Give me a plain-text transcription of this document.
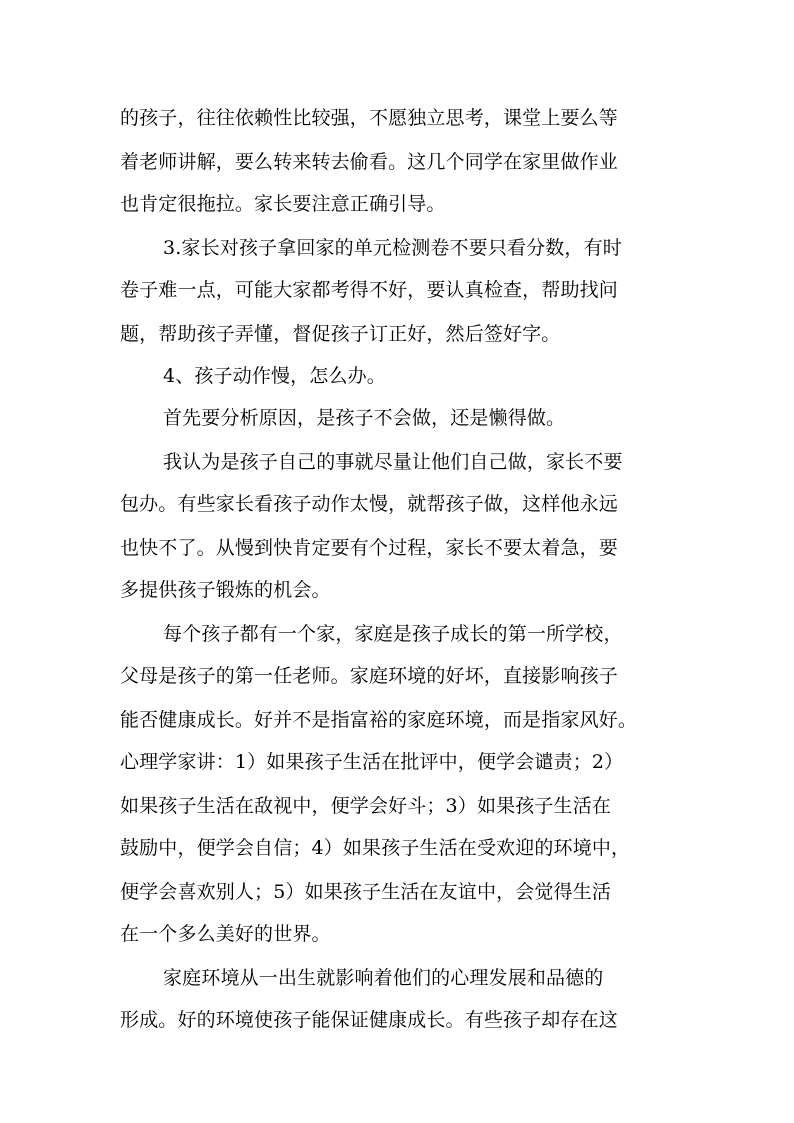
的孩子，往往依赖性比较强，不愿独立思考，课堂上要么等
着老师讲解，要么转来转去偷看。这几个同学在家里做作业
也肯定很拖拉。家长要注意正确引导。
3.家长对孩子拿回家的单元检测卷不要只看分数，有时
卷子难一点，可能大家都考得不好，要认真检查，帮助找问
题，帮助孩子弄懂，督促孩子订正好，然后签好字。
4、孩子动作慢，怎么办。
首先要分析原因，是孩子不会做，还是懒得做。
我认为是孩子自己的事就尽量让他们自己做，家长不要
包办。有些家长看孩子动作太慢，就帮孩子做，这样他永远
也快不了。从慢到快肯定要有个过程，家长不要太着急，要
多提供孩子锻炼的机会。
每个孩子都有一个家，家庭是孩子成长的第一所学校，
父母是孩子的第一任老师。家庭环境的好坏，直接影响孩子
能否健康成长。好并不是指富裕的家庭环境，而是指家风好。
心理学家讲：1）如果孩子生活在批评中，便学会谴责；2）
如果孩子生活在敌视中，便学会好斗；3）如果孩子生活在
鼓励中，便学会自信；4）如果孩子生活在受欢迎的环境中，
便学会喜欢别人；5）如果孩子生活在友谊中，会觉得生活
在一个多么美好的世界。
家庭环境从一出生就影响着他们的心理发展和品德的
形成。好的环境使孩子能保证健康成长。有些孩子却存在这
